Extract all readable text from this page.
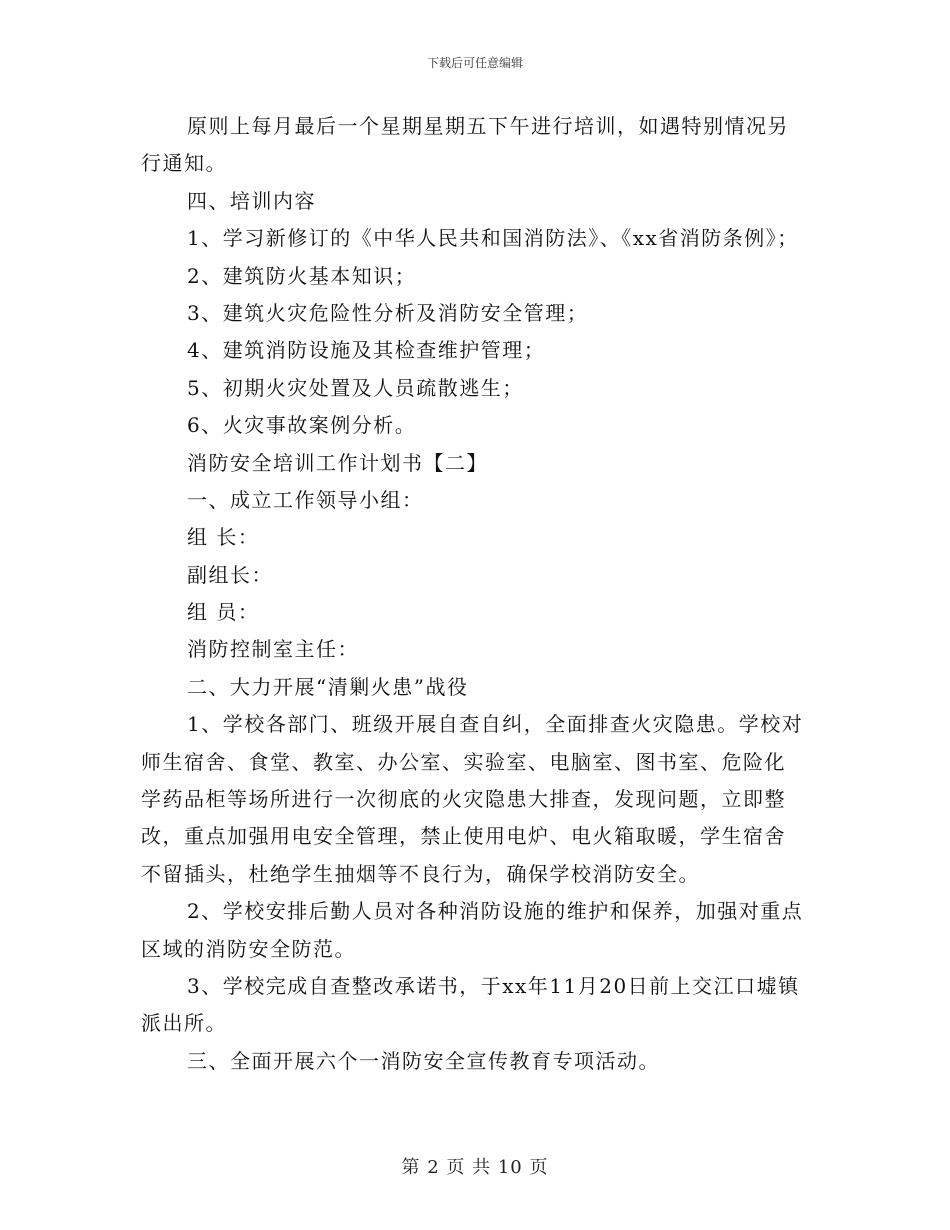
下载后可任意编辑
原则上每月最后一个星期星期五下午进行培训，如遇特别情况另
行通知。
四、培训内容
1、学习新修订的《中华人民共和国消防法》、《xx省消防条例》；
2、建筑防火基本知识；
3、建筑火灾危险性分析及消防安全管理；
4、建筑消防设施及其检查维护管理；
5、初期火灾处置及人员疏散逃生；
6、火灾事故案例分析。
消防安全培训工作计划书【二】
一、成立工作领导小组：
组 长：
副组长：
组 员：
消防控制室主任：
二、大力开展“清剿火患”战役
1、学校各部门、班级开展自查自纠，全面排查火灾隐患。学校对
师生宿舍、食堂、教室、办公室、实验室、电脑室、图书室、危险化
学药品柜等场所进行一次彻底的火灾隐患大排查，发现问题，立即整
改，重点加强用电安全管理，禁止使用电炉、电火箱取暖，学生宿舍
不留插头，杜绝学生抽烟等不良行为，确保学校消防安全。
2、学校安排后勤人员对各种消防设施的维护和保养，加强对重点
区域的消防安全防范。
3、学校完成自查整改承诺书，于xx年11月20日前上交江口墟镇
派出所。
三、全面开展六个一消防安全宣传教育专项活动。
第 2 页 共 10 页
